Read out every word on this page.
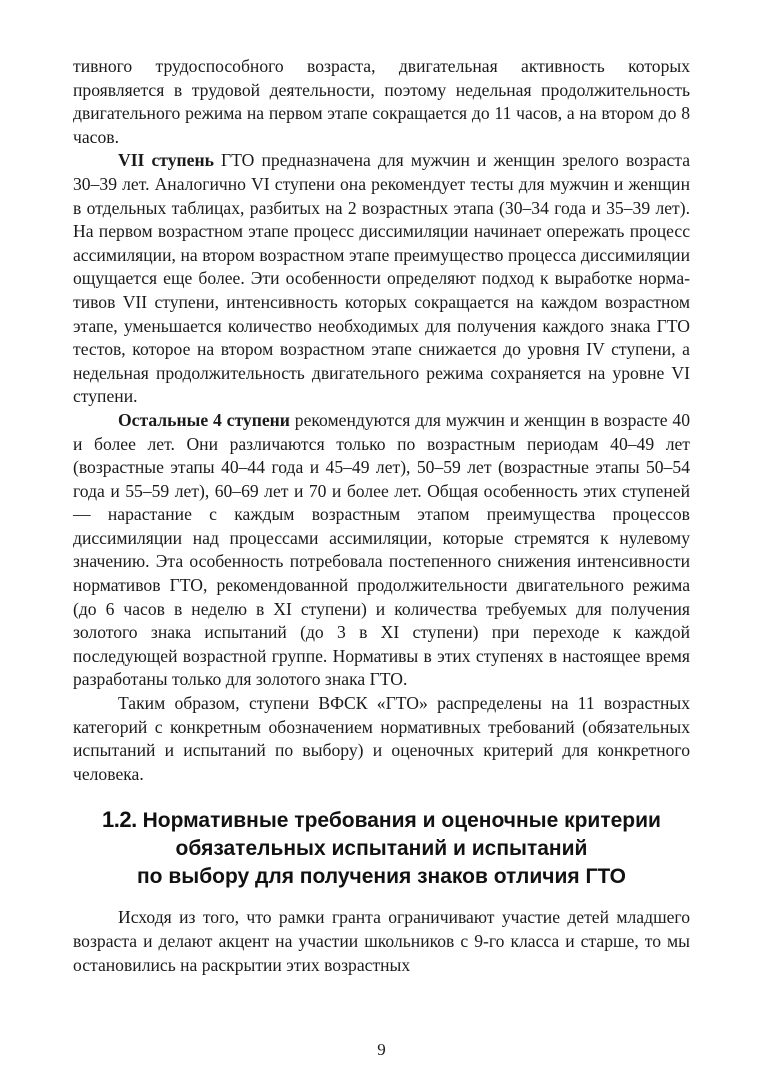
тивного трудоспособного возраста, двигательная активность которых проявляется в трудовой деятельности, поэтому недельная продолжительность двигательного режима на первом этапе сокращается до 11 часов, а на втором до 8 часов.

VII ступень ГТО предназначена для мужчин и женщин зрелого возраста 30–39 лет. Аналогично VI ступени она рекомендует тесты для мужчин и женщин в отдельных таблицах, разбитых на 2 возрастных этапа (30–34 года и 35–39 лет). На первом возрастном этапе процесс диссимиляции начинает опережать процесс ассимиляции, на втором возрастном этапе преимущество процесса диссимиляции ощущается еще более. Эти особенности определяют подход к выработке нормативов VII ступени, интенсивность которых сокращается на каждом возрастном этапе, уменьшается количество необходимых для получения каждого знака ГТО тестов, которое на втором возрастном этапе снижается до уровня IV ступени, а недельная продолжительность двигательного режима сохраняется на уровне VI ступени.

Остальные 4 ступени рекомендуются для мужчин и женщин в возрасте 40 и более лет. Они различаются только по возрастным периодам 40–49 лет (возрастные этапы 40–44 года и 45–49 лет), 50–59 лет (возрастные этапы 50–54 года и 55–59 лет), 60–69 лет и 70 и более лет. Общая особенность этих ступеней — нарастание с каждым возрастным этапом преимущества процессов диссимиляции над процессами ассимиляции, которые стремятся к нулевому значению. Эта особенность потребовала постепенного снижения интенсивности нормативов ГТО, рекомендованной продолжительности двигательного режима (до 6 часов в неделю в XI ступени) и количества требуемых для получения золотого знака испытаний (до 3 в XI ступени) при переходе к каждой последующей возрастной группе. Нормативы в этих ступенях в настоящее время разработаны только для золотого знака ГТО.

Таким образом, ступени ВФСК «ГТО» распределены на 11 возрастных категорий с конкретным обозначением нормативных требований (обязательных испытаний и испытаний по выбору) и оценочных критерий для конкретного человека.

1.2. Нормативные требования и оценочные критерии
обязательных испытаний и испытаний
по выбору для получения знаков отличия ГТО

Исходя из того, что рамки гранта ограничивают участие детей младшего возраста и делают акцент на участии школьников с 9-го класса и старше, то мы остановились на раскрытии этих возрастных

9
